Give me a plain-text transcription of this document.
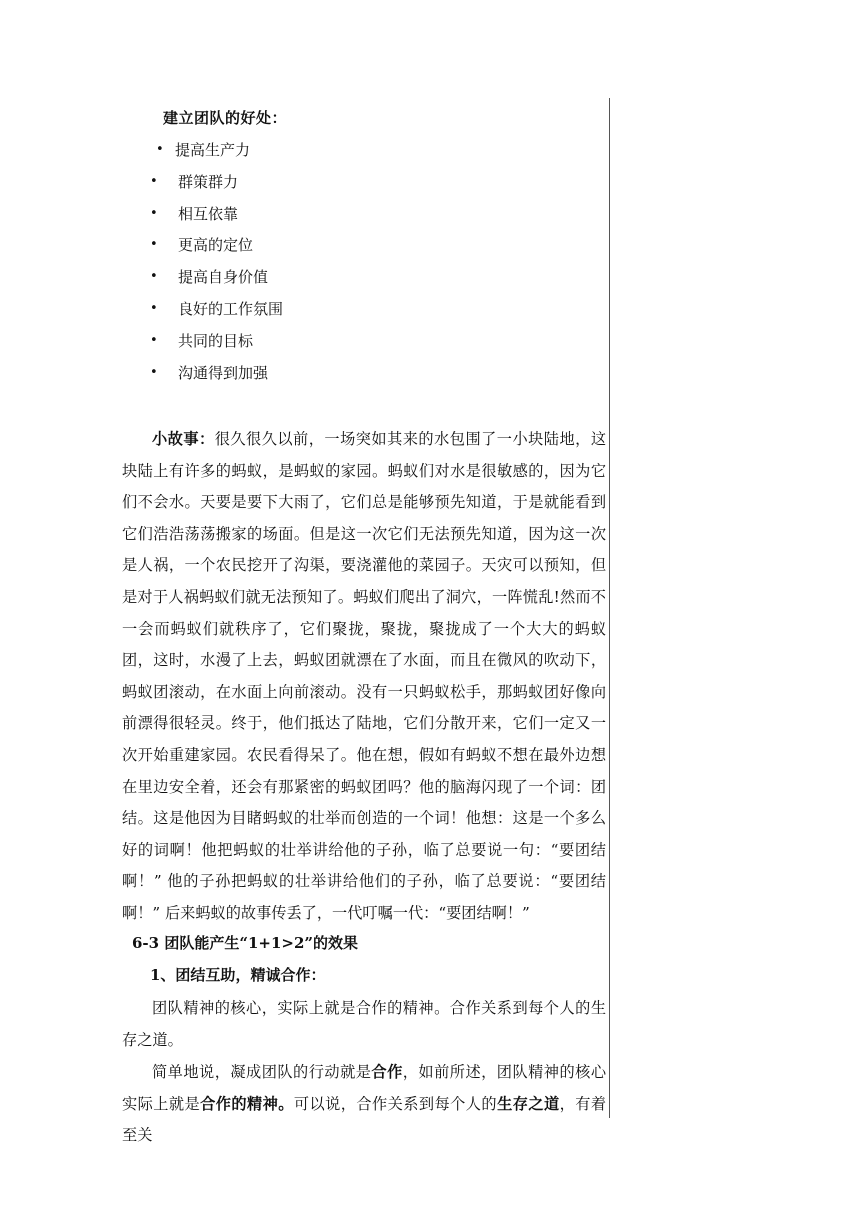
建立团队的好处：
• 提高生产力
• 群策群力
• 相互依靠
• 更高的定位
• 提高自身价值
• 良好的工作氛围
• 共同的目标
• 沟通得到加强

小故事：很久很久以前，一场突如其来的水包围了一小块陆地，这块陆上有许多的蚂蚁，是蚂蚁的家园。蚂蚁们对水是很敏感的，因为它们不会水。天要是要下大雨了，它们总是能够预先知道，于是就能看到它们浩浩荡荡搬家的场面。但是这一次它们无法预先知道，因为这一次是人祸，一个农民挖开了沟渠，要浇灌他的菜园子。天灾可以预知，但是对于人祸蚂蚁们就无法预知了。蚂蚁们爬出了洞穴，一阵慌乱!然而不一会而蚂蚁们就秩序了，它们聚拢，聚拢，聚拢成了一个大大的蚂蚁团，这时，水漫了上去，蚂蚁团就漂在了水面，而且在微风的吹动下，蚂蚁团滚动，在水面上向前滚动。没有一只蚂蚁松手，那蚂蚁团好像向前漂得很轻灵。终于，他们抵达了陆地，它们分散开来，它们一定又一次开始重建家园。农民看得呆了。他在想，假如有蚂蚁不想在最外边想在里边安全着，还会有那紧密的蚂蚁团吗？他的脑海闪现了一个词：团结。这是他因为目睹蚂蚁的壮举而创造的一个词！他想：这是一个多么好的词啊！他把蚂蚁的壮举讲给他的子孙，临了总要说一句：“要团结啊！” 他的子孙把蚂蚁的壮举讲给他们的子孙，临了总要说：“要团结啊！” 后来蚂蚁的故事传丢了，一代叮嘱一代：“要团结啊！”

6-3 团队能产生“1+1>2”的效果
1、团结互助，精诚合作：

团队精神的核心，实际上就是合作的精神。合作关系到每个人的生存之道。

简单地说，凝成团队的行动就是合作，如前所述，团队精神的核心实际上就是合作的精神。可以说，合作关系到每个人的生存之道，有着至关
